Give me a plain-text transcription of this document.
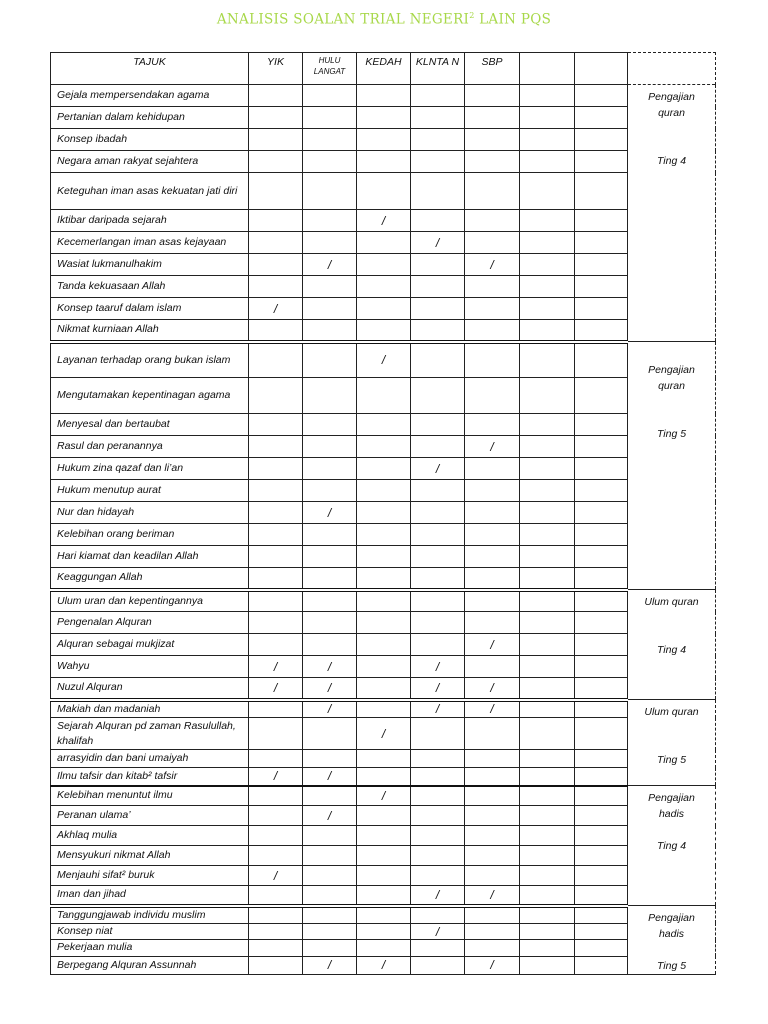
ANALISIS SOALAN TRIAL NEGERI$^2$ LAIN PQS
TAJUK	YIK	HULU LANGAT	KEDAH	KLNTA N	SBP			
Gejala mempersendakan agama								Pengajian
quran

Ting 4

Pertanian dalam kehidupan								
Konsep ibadah								
Negara aman rakyat sejahtera								
Keteguhan iman asas kekuatan jati diri								
Iktibar daripada sejarah			/					
Kecemerlangan iman asas kejayaan				/				
Wasiat lukmanulhakim		/			/			
Tanda kekuasaan Allah								
Konsep taaruf dalam islam	/							
Nikmat kurniaan Allah								
Layanan terhadap orang bukan islam			/					Pengajian
quran

Ting 5

Mengutamakan kepentinagan agama								
Menyesal dan bertaubat								
Rasul dan peranannya					/			
Hukum zina qazaf dan li’an				/				
Hukum menutup aurat								
Nur dan hidayah		/						
Kelebihan orang beriman								
Hari kiamat dan keadilan Allah								
Keaggungan Allah								
Ulum uran dan kepentingannya								Ulum quran

Ting 4

Pengenalan Alquran								
Alquran sebagai mukjizat					/			
Wahyu	/	/		/				
Nuzul Alquran	/	/		/	/			
Makiah dan madaniah		/		/	/			Ulum quran

Ting 5

Sejarah Alquran pd zaman Rasulullah, khalifah			/					
arrasyidin dan bani umaiyah								
Ilmu tafsir dan kitab² tafsir	/	/						
Kelebihan menuntut ilmu			/					Pengajian
hadis

Ting 4

Peranan ulama’		/						
Akhlaq mulia								
Mensyukuri nikmat Allah								
Menjauhi sifat² buruk	/							
Iman dan jihad				/	/			
Tanggungjawab individu muslim								Pengajian
hadis

Ting 5

Konsep niat				/				
Pekerjaan mulia								
Berpegang Alquran Assunnah		/	/		/			
